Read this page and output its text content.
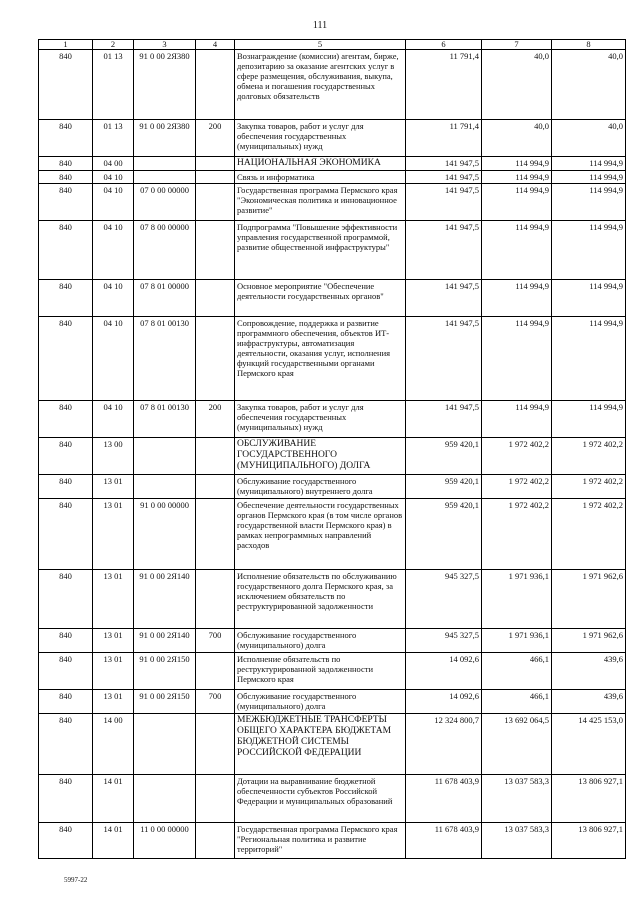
111
1	2	3	4	5	6	7	8
840	01 13	91 0 00 2Я380		Вознаграждение (комиссии) агентам, бирже, депозитарию за оказание агентских услуг в сфере размещения, обслуживания, выкупа, обмена и погашения государственных долговых обязательств	11 791,4	40,0	40,0
840	01 13	91 0 00 2Я380	200	Закупка товаров, работ и услуг для обеспечения государственных (муниципальных) нужд	11 791,4	40,0	40,0
840	04 00			НАЦИОНАЛЬНАЯ ЭКОНОМИКА	141 947,5	114 994,9	114 994,9
840	04 10			Связь и информатика	141 947,5	114 994,9	114 994,9
840	04 10	07 0 00 00000		Государственная программа Пермского края "Экономическая политика и инновационное развитие"	141 947,5	114 994,9	114 994,9
840	04 10	07 8 00 00000		Подпрограмма "Повышение эффективности управления государственной программой, развитие общественной инфраструктуры"	141 947,5	114 994,9	114 994,9
840	04 10	07 8 01 00000		Основное мероприятие "Обеспечение деятельности государственных органов"	141 947,5	114 994,9	114 994,9
840	04 10	07 8 01 00130		Сопровождение, поддержка и развитие программного обеспечения, объектов ИТ-инфраструктуры, автоматизация деятельности, оказания услуг, исполнения функций государственными органами Пермского края	141 947,5	114 994,9	114 994,9
840	04 10	07 8 01 00130	200	Закупка товаров, работ и услуг для обеспечения государственных (муниципальных) нужд	141 947,5	114 994,9	114 994,9
840	13 00			ОБСЛУЖИВАНИЕ ГОСУДАРСТВЕННОГО (МУНИЦИПАЛЬНОГО) ДОЛГА	959 420,1	1 972 402,2	1 972 402,2
840	13 01			Обслуживание государственного (муниципального) внутреннего долга	959 420,1	1 972 402,2	1 972 402,2
840	13 01	91 0 00 00000		Обеспечение деятельности государственных органов Пермского края (в том числе органов государственной власти Пермского края) в рамках непрограммных направлений расходов	959 420,1	1 972 402,2	1 972 402,2
840	13 01	91 0 00 2Я140		Исполнение обязательств по обслуживанию государственного долга Пермского края, за исключением обязательств по реструктурированной задолженности	945 327,5	1 971 936,1	1 971 962,6
840	13 01	91 0 00 2Я140	700	Обслуживание государственного (муниципального) долга	945 327,5	1 971 936,1	1 971 962,6
840	13 01	91 0 00 2Я150		Исполнение обязательств по реструктурированной задолженности Пермского края	14 092,6	466,1	439,6
840	13 01	91 0 00 2Я150	700	Обслуживание государственного (муниципального) долга	14 092,6	466,1	439,6
840	14 00			МЕЖБЮДЖЕТНЫЕ ТРАНСФЕРТЫ ОБЩЕГО ХАРАКТЕРА БЮДЖЕТАМ БЮДЖЕТНОЙ СИСТЕМЫ РОССИЙСКОЙ ФЕДЕРАЦИИ	12 324 800,7	13 692 064,5	14 425 153,0
840	14 01			Дотации на выравнивание бюджетной обеспеченности субъектов Российской Федерации и муниципальных образований	11 678 403,9	13 037 583,3	13 806 927,1
840	14 01	11 0 00 00000		Государственная программа Пермского края "Региональная политика и развитие территорий"	11 678 403,9	13 037 583,3	13 806 927,1
5997-22
